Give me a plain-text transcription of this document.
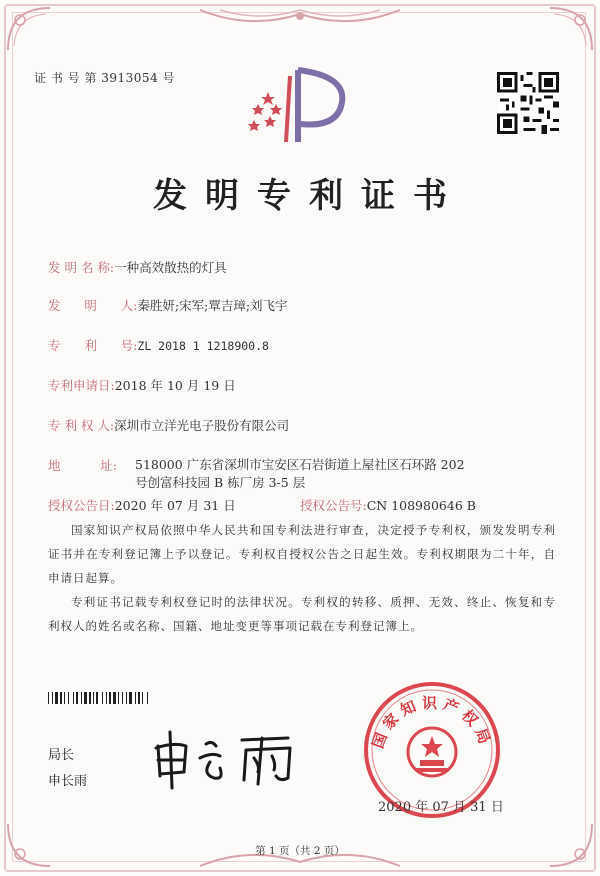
证 书 号 第 3913054 号
发明专利证书
发 明 名 称:一种高效散热的灯具
发      明      人:秦胜妍;宋军;覃吉璋;刘飞宇
专      利      号:ZL 2018 1 1218900.8
专利申请日:2018 年 10 月 19 日
专 利 权 人:深圳市立洋光电子股份有限公司
地          址: 518000 广东省深圳市宝安区石岩街道上屋社区石环路 202
号创富科技园 B 栋厂房 3-5 层
授权公告日:2020 年 07 月 31 日	授权公告号:CN 108980646 B
国家知识产权局依照中华人民共和国专利法进行审查，决定授予专利权，颁发发明专利证书并在专利登记簿上予以登记。专利权自授权公告之日起生效。专利权期限为二十年，自申请日起算。
专利证书记载专利权登记时的法律状况。专利权的转移、质押、无效、终止、恢复和专利权人的姓名或名称、国籍、地址变更等事项记载在专利登记簿上。
局长
申长雨
国家知识产权局
2020 年 07 月 31 日
第 1 页（共 2 页）
